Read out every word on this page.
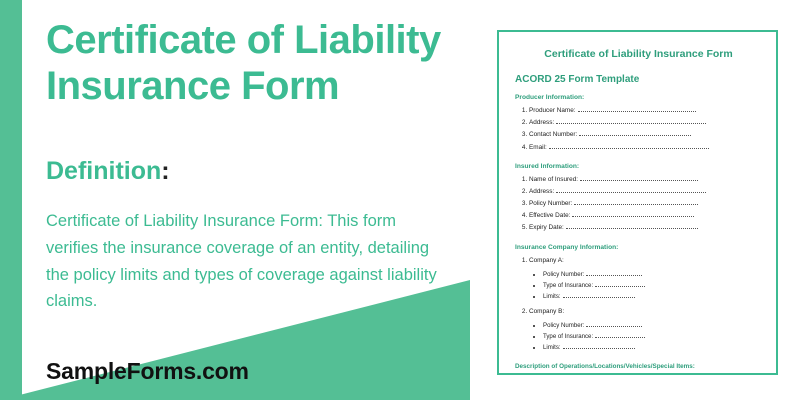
Certificate of Liability Insurance Form
Definition:
Certificate of Liability Insurance Form: This form verifies the insurance coverage of an entity, detailing the policy limits and types of coverage against liability claims.
SampleForms.com
Certificate of Liability Insurance Form
ACORD 25 Form Template
Producer Information:
1. Producer Name:
2. Address:
3. Contact Number:
4. Email:
Insured Information:
1. Name of Insured:
2. Address:
3. Policy Number:
4. Effective Date:
5. Expiry Date:
Insurance Company Information:
1. Company A:
• Policy Number:
• Type of Insurance:
• Limits:
2. Company B:
• Policy Number:
• Type of Insurance:
• Limits:
Description of Operations/Locations/Vehicles/Special Items:
